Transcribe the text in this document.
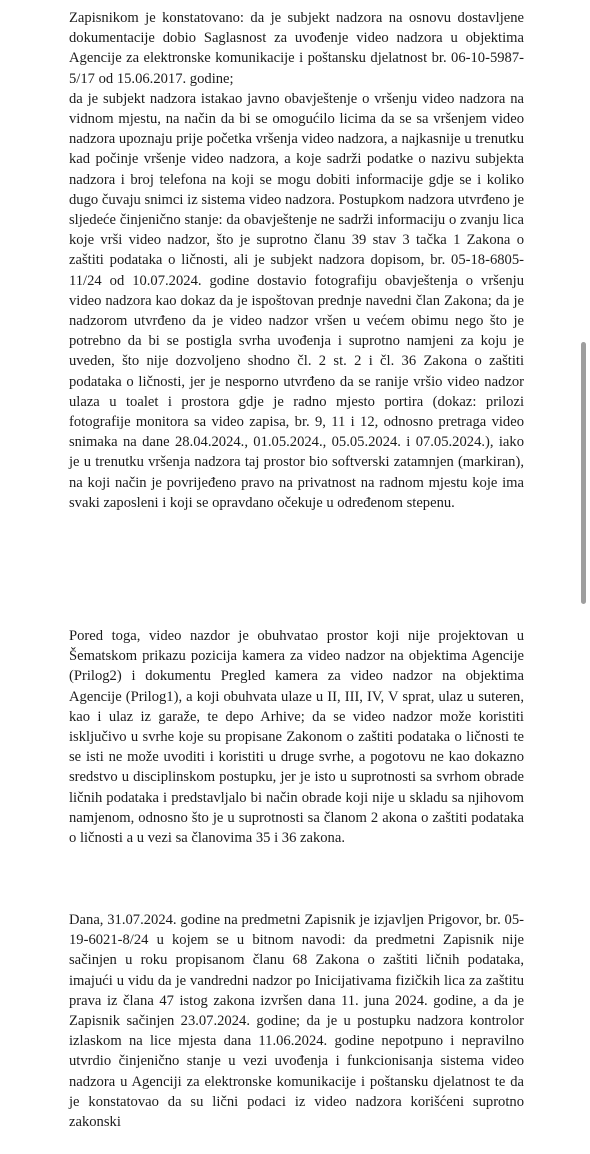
Zapisnikom je konstatovano: da je subjekt nadzora na osnovu dostavljene dokumentacije dobio Saglasnost za uvođenje video nadzora u objektima Agencije za elektronske komunikacije i poštansku djelatnost br. 06-10-5987-5/17 od 15.06.2017. godine;
da je subjekt nadzora istakao javno obavještenje o vršenju video nadzora na vidnom mjestu, na način da bi se omogućilo licima da se sa vršenjem video nadzora upoznaju prije početka vršenja video nadzora, a najkasnije u trenutku kad počinje vršenje video nadzora, a koje sadrži podatke o nazivu subjekta nadzora i broj telefona na koji se mogu dobiti informacije gdje se i koliko dugo čuvaju snimci iz sistema video nadzora. Postupkom nadzora utvrđeno je sljedeće činjenično stanje: da obavještenje ne sadrži informaciju o zvanju lica koje vrši video nadzor, što je suprotno članu 39 stav 3 tačka 1 Zakona o zaštiti podataka o ličnosti, ali je subjekt nadzora dopisom, br. 05-18-6805-11/24 od 10.07.2024. godine dostavio fotografiju obavještenja o vršenju video nadzora kao dokaz da je ispoštovan prednje navedni član Zakona; da je nadzorom utvrđeno da je video nadzor vršen u većem obimu nego što je potrebno da bi se postigla svrha uvođenja i suprotno namjeni za koju je uveden, što nije dozvoljeno shodno čl. 2 st. 2 i čl. 36 Zakona o zaštiti podataka o ličnosti, jer je nesporno utvrđeno da se ranije vršio video nadzor ulaza u toalet i prostora gdje je radno mjesto portira (dokaz: prilozi fotografije monitora sa video zapisa, br. 9, 11 i 12, odnosno pretraga video snimaka na dane 28.04.2024., 01.05.2024., 05.05.2024. i 07.05.2024.), iako je u trenutku vršenja nadzora taj prostor bio softverski zatamnjen (markiran), na koji način je povrijeđeno pravo na privatnost na radnom mjestu koje ima svaki zaposleni i koji se opravdano očekuje u određenom stepenu.

Pored toga, video nazdor je obuhvatao prostor koji nije projektovan u Šematskom prikazu pozicija kamera za video nadzor na objektima Agencije (Prilog2) i dokumentu Pregled kamera za video nadzor na objektima Agencije (Prilog1), a koji obuhvata ulaze u II, III, IV, V sprat, ulaz u suteren, kao i ulaz iz garaže, te depo Arhive; da se video nadzor može koristiti isključivo u svrhe koje su propisane Zakonom o zaštiti podataka o ličnosti te se isti ne može uvoditi i koristiti u druge svrhe, a pogotovu ne kao dokazno sredstvo u disciplinskom postupku, jer je isto u suprotnosti sa svrhom obrade ličnih podataka i predstavljalo bi način obrade koji nije u skladu sa njihovom namjenom, odnosno što je u suprotnosti sa članom 2 akona o zaštiti podataka o ličnosti a u vezi sa članovima 35 i 36 zakona.

Dana, 31.07.2024. godine na predmetni Zapisnik je izjavljen Prigovor, br. 05-19-6021-8/24 u kojem se u bitnom navodi: da predmetni Zapisnik nije sačinjen u roku propisanom članu 68 Zakona o zaštiti ličnih podataka, imajući u vidu da je vandredni nadzor po Inicijativama fizičkih lica za zaštitu prava iz člana 47 istog zakona izvršen dana 11. juna 2024. godine, a da je Zapisnik sačinjen 23.07.2024. godine; da je u postupku nadzora kontrolor izlaskom na lice mjesta dana 11.06.2024. godine nepotpuno i nepravilno utvrdio činjenično stanje u vezi uvođenja i funkcionisanja sistema video nadzora u Agenciji za elektronske komunikacije i poštansku djelatnost te da je konstatovao da su lični podaci iz video nadzora korišćeni suprotno zakonski
